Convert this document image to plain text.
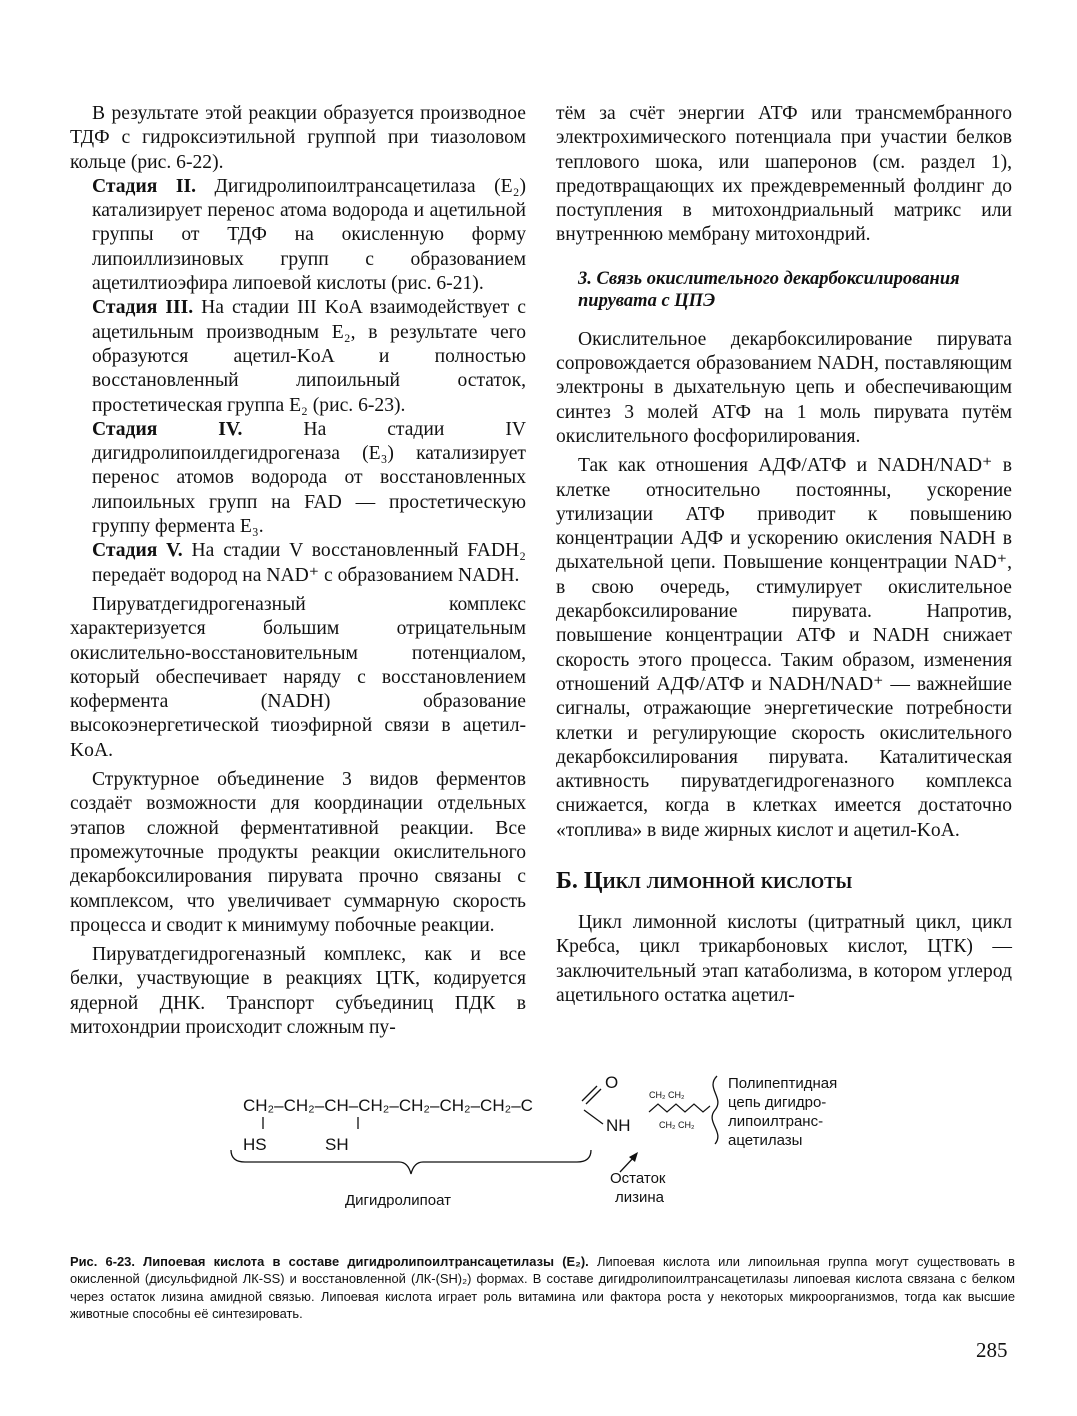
В результате этой реакции образуется производное ТДФ с гидроксиэтильной группой при тиазоловом кольце (рис. 6-22).

Стадия II. Дигидролипоилтрансацетилаза (E₂) катализирует перенос атома водорода и ацетильной группы от ТДФ на окисленную форму липоиллизиновых групп с образованием ацетилтиоэфира липоевой кислоты (рис. 6-21).

Стадия III. На стадии III KoA взаимодействует с ацетильным производным E₂, в результате чего образуются ацетил-KoA и полностью восстановленный липоильный остаток, простетическая группа E₂ (рис. 6-23).

Стадия IV. На стадии IV дигидролипоилдегидрогеназа (E₃) катализирует перенос атомов водорода от восстановленных липоильных групп на FAD — простетическую группу фермента E₃.

Стадия V. На стадии V восстановленный FADH₂ передаёт водород на NAD⁺ с образованием NADH.

Пируватдегидрогеназный комплекс характеризуется большим отрицательным окислительно-восстановительным потенциалом, который обеспечивает наряду с восстановлением кофермента (NADH) образование высокоэнергетической тиоэфирной связи в ацетил-KoA.

Структурное объединение 3 видов ферментов создаёт возможности для координации отдельных этапов сложной ферментативной реакции. Все промежуточные продукты реакции окислительного декарбоксилирования пирувата прочно связаны с комплексом, что увеличивает суммарную скорость процесса и сводит к минимуму побочные реакции.

Пируватдегидрогеназный комплекс, как и все белки, участвующие в реакциях ЦТК, кодируется ядерной ДНК. Транспорт субъединиц ПДК в митохондрии происходит сложным пу-

тём за счёт энергии АТФ или трансмембранного электрохимического потенциала при участии белков теплового шока, или шаперонов (см. раздел 1), предотвращающих их преждевременный фолдинг до поступления в митохондриальный матрикс или внутреннюю мембрану митохондрий.

3. Связь окислительного декарбоксилирования пирувата с ЦПЭ

Окислительное декарбоксилирование пирувата сопровождается образованием NADH, поставляющим электроны в дыхательную цепь и обеспечивающим синтез 3 молей АТФ на 1 моль пирувата путём окислительного фосфорилирования.

Так как отношения АДФ/АТФ и NADH/NAD⁺ в клетке относительно постоянны, ускорение утилизации АТФ приводит к повышению концентрации АДФ и ускорению окисления NADH в дыхательной цепи. Повышение концентрации NAD⁺, в свою очередь, стимулирует окислительное декарбоксилирование пирувата. Напротив, повышение концентрации АТФ и NADH снижает скорость этого процесса. Таким образом, изменения отношений АДФ/АТФ и NADH/NAD⁺ — важнейшие сигналы, отражающие энергетические потребности клетки и регулирующие скорость окислительного декарбоксилирования пирувата. Каталитическая активность пируватдегидрогеназного комплекса снижается, когда в клетках имеется достаточно «топлива» в виде жирных кислот и ацетил-KoA.

Б. Цикл лимонной кислоты

Цикл лимонной кислоты (цитратный цикл, цикл Кребса, цикл трикарбоновых кислот, ЦТК) — заключительный этап катаболизма, в котором углерод ацетильного остатка ацетил-

CH₂–CH₂–CH–CH₂–CH₂–CH₂–CH₂–C
O
NH
HS	SH
CH₂ CH₂
CH₂ CH₂
Полипептидная
цепь дигидро-
липоилтранс-
ацетилазы
Остаток
лизина
Дигидролипоат

Рис. 6-23. Липоевая кислота в составе дигидролипоилтрансацетилазы (E₂). Липоевая кислота или липоильная группа могут существовать в окисленной (дисульфидной ЛК-SS) и восстановленной (ЛК-(SH)₂) формах. В составе дигидролипоилтрансацетилазы липоевая кислота связана с белком через остаток лизина амидной связью. Липоевая кислота играет роль витамина или фактора роста у некоторых микроорганизмов, тогда как высшие животные способны её синтезировать.

285
